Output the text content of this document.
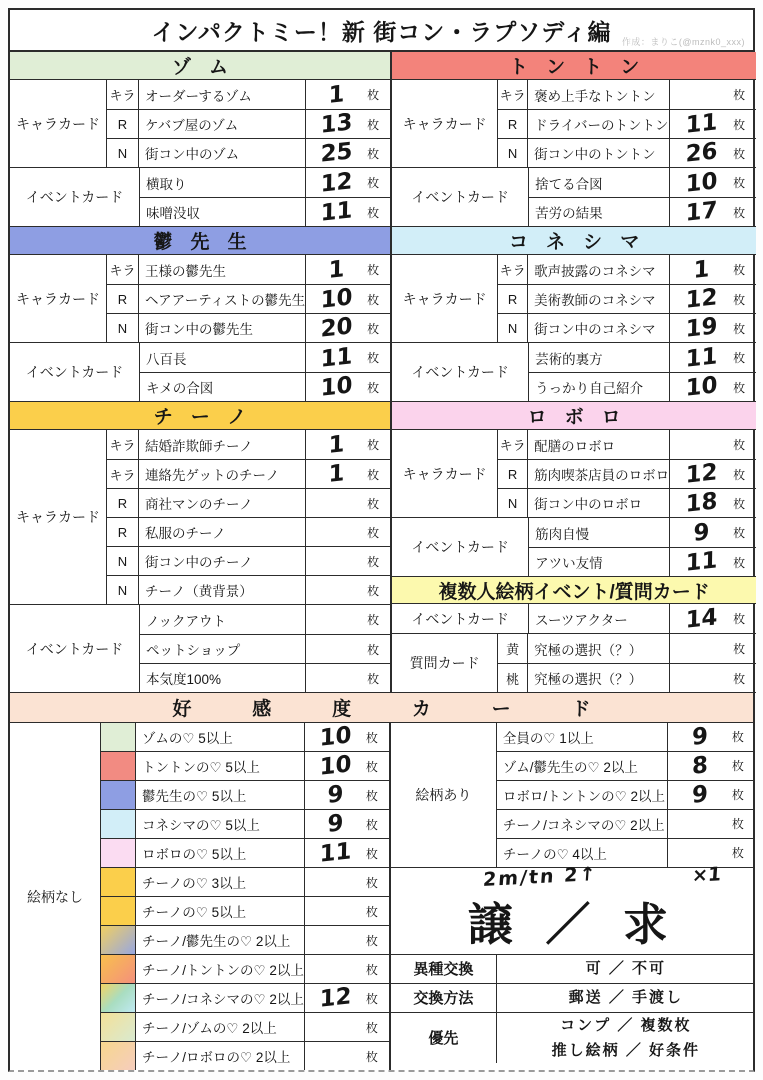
インパクトミー！新 街コン・ラプソディ編 作成：まりこ(@mznk0_xxx)
ゾム
キャラカード
キラ オーダーするゾム	1	枚
R	ケバブ屋のゾム	13	枚
N	街コン中のゾム	25	枚
イベントカード
横取り	12	枚
味噌没収	11	枚
鬱先生
キャラカード
キラ 王様の鬱先生	1	枚
R	ヘアアーティストの鬱先生 10	枚
N	街コン中の鬱先生	20	枚
イベントカード
八百長	11	枚
キメの合図	10	枚
チーノ
キャラカード
キラ 結婚詐欺師チーノ	1	枚
キラ 連絡先ゲットのチーノ	1	枚
R	商社マンのチーノ	枚
R	私服のチーノ	枚
N	街コン中のチーノ	枚
N	チーノ（黄背景）	枚
イベントカード
ノックアウト	枚
ペットショップ	枚
本気度100%	枚
トントン
キャラカード
キラ 褒め上手なトントン	枚
R	ドライバーのトントン 11	枚
N	街コン中のトントン	26	枚
イベントカード
捨てる合図	10	枚
苦労の結果	17	枚
コネシマ
キャラカード
キラ 歌声披露のコネシマ	1	枚
R	美術教師のコネシマ	12	枚
N	街コン中のコネシマ	19	枚
イベントカード
芸術的裏方	11	枚
うっかり自己紹介	10	枚
ロボロ
キャラカード
キラ 配膳のロボロ	枚
R	筋肉喫茶店員のロボロ 12	枚
N	街コン中のロボロ	18	枚
イベントカード
筋肉自慢	9	枚
アツい友情	11	枚
複数人絵柄イベント/質問カード
イベントカード	スーツアクター	14	枚
質問カード
黄	究極の選択（？）	枚
桃	究極の選択（？）	枚
好感度カード
絵柄なし
ゾムの♡ 5以上	10	枚
トントンの♡ 5以上	10	枚
鬱先生の♡ 5以上	9	枚
コネシマの♡ 5以上	9	枚
ロボロの♡ 5以上	11	枚
チーノの♡ 3以上	枚
チーノの♡ 5以上	枚
チーノ/鬱先生の♡ 2以上	枚
チーノ/トントンの♡ 2以上	枚
チーノ/コネシマの♡ 2以上 12	枚
チーノ/ゾムの♡ 2以上	枚
チーノ/ロボロの♡ 2以上	枚
絵柄あり
全員の♡ 1以上	9	枚
ゾム/鬱先生の♡ 2以上	8	枚
ロボロ/トントンの♡ 2以上	9	枚
チーノ/コネシマの♡ 2以上	枚
チーノの♡ 4以上	枚
2m/tn 2↑	×1
譲 ／ 求
異種交換	可 ／ 不可
交換方法	郵送 ／ 手渡し
優先
コンプ ／ 複数枚
推し絵柄 ／ 好条件
